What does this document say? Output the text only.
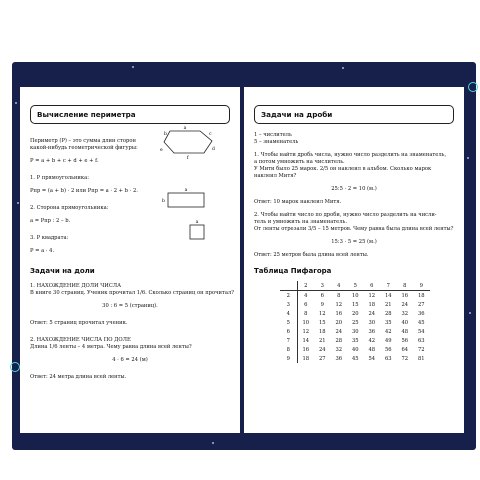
Вычисление периметра
Периметр (Р) – это сумма длин сторон
какой-нибудь геометрической фигуры:
P = a + b + c + d + e + f.
1. Р прямоугольника:
Pпр = (a + b) · 2 или Pпр = a · 2 + b · 2.
2. Сторона прямоугольника:
a = Pпр : 2 – b.
3. Р квадрата:
P = a · 4.
a
b	c
d
e
f
a
b
a
Задачи на доли
1. НАХОЖДЕНИЕ ДОЛИ ЧИСЛА
В книге 30 страниц. Ученик прочитал 1/6. Сколько страниц он прочитал?
30 : 6 = 5 (страниц).
Ответ: 5 страниц прочитал ученик.
2. НАХОЖДЕНИЕ ЧИСЛА ПО ДОЛЕ
Длина 1/6 ленты – 4 метра. Чему равна длина всей ленты?
4 · 6 = 24 (м)
Ответ: 24 метра длина всей ленты.
Задачи на дроби
1 – числитель
5 – знаменатель
1. Чтобы найти дробь числа, нужно число разделить на знаменатель,
а потом умножить на числитель.
У Мити было 25 марок. 2/5 он наклеил в альбом. Сколько марок
наклеил Митя?
25:5 · 2 = 10 (м.)
Ответ: 10 марок наклеил Митя.
2. Чтобы найти число по дроби, нужно число разделить на числи-
тель и умножить на знаменатель.
От ленты отрезали 3/5 – 15 метров. Чему равна была длина всей ленты?
15:3 · 5 = 25 (м.)
Ответ: 25 метров была длина всей ленты.
Таблица Пифагора
	2	3	4	5	6	7	8	9
2	4	6	8	10	12	14	16	18
3	6	9	12	15	18	21	24	27
4	8	12	16	20	24	28	32	36
5	10	15	20	25	30	35	40	45
6	12	18	24	30	36	42	48	54
7	14	21	28	35	42	49	56	63
8	16	24	32	40	48	56	64	72
9	18	27	36	45	54	63	72	81
